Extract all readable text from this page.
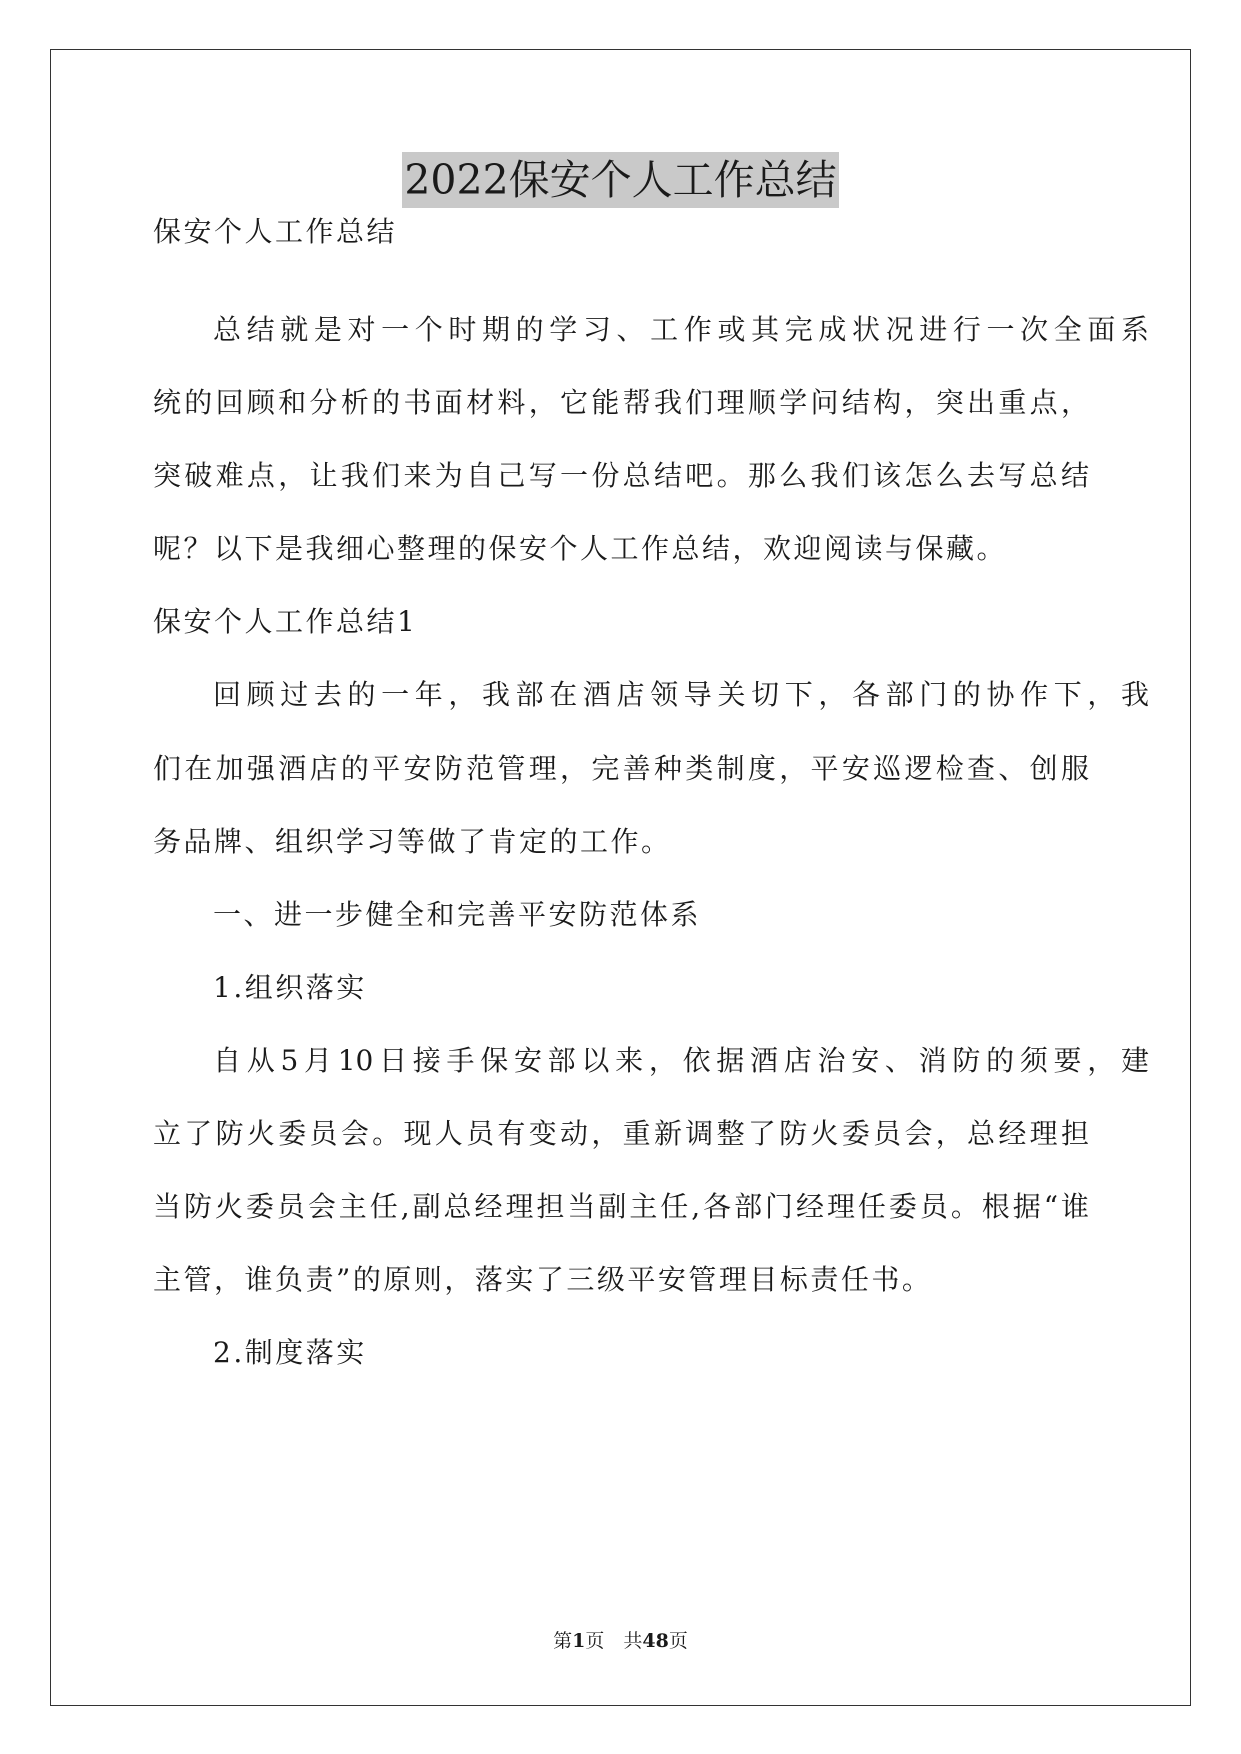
2022保安个人工作总结
保安个人工作总结
总结就是对一个时期的学习、工作或其完成状况进行一次全面系
统的回顾和分析的书面材料，它能帮我们理顺学问结构，突出重点，
突破难点，让我们来为自己写一份总结吧。那么我们该怎么去写总结
呢？以下是我细心整理的保安个人工作总结，欢迎阅读与保藏。
保安个人工作总结1
回顾过去的一年，我部在酒店领导关切下，各部门的协作下，我
们在加强酒店的平安防范管理，完善种类制度，平安巡逻检查、创服
务品牌、组织学习等做了肯定的工作。
一、进一步健全和完善平安防范体系
1.组织落实
自从5月10日接手保安部以来，依据酒店治安、消防的须要，建
立了防火委员会。现人员有变动，重新调整了防火委员会，总经理担
当防火委员会主任,副总经理担当副主任,各部门经理任委员。根据“谁
主管，谁负责”的原则，落实了三级平安管理目标责任书。
2.制度落实
第1页　共48页
